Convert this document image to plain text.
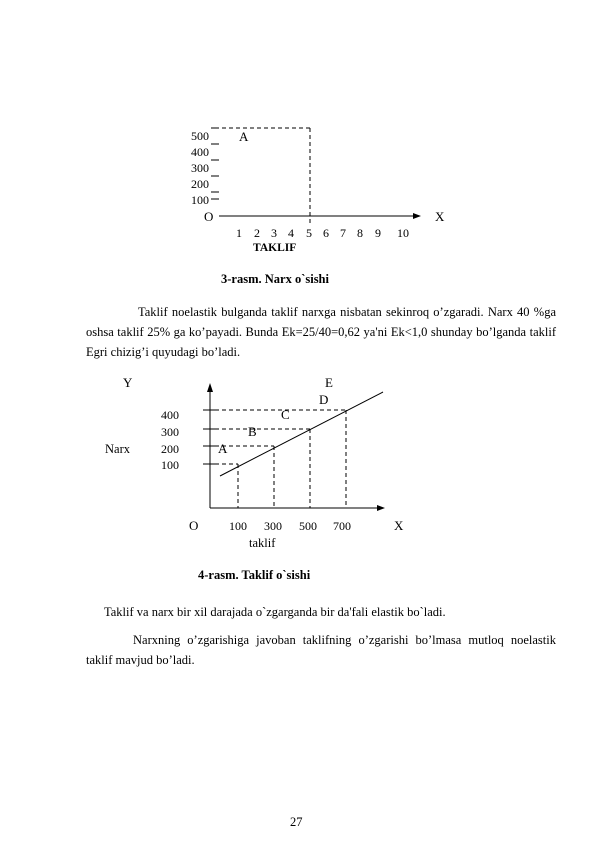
500
400
300
200
100
A
O	X
1 2 3 4 5 6 7 8 9 10
TAKLIF
3-rasm. Narx o`sishi
Taklif noelastik bulganda taklif narxga nisbatan sekinroq o’zgaradi. Narx 40 %ga oshsa taklif 25% ga ko’payadi. Bunda Ek=25/40=0,62 ya'ni Ek<1,0 shunday bo’lganda taklif Egri chizig’i quyudagi bo’ladi.
Y
400
300
200
100
Narx	A
B
C
D
E
O	100 300 500 700	X
taklif
4-rasm. Taklif o`sishi
Taklif va narx bir xil darajada o`zgarganda bir da'fali elastik bo`ladi.
Narxning o’zgarishiga javoban taklifning o’zgarishi bo’lmasa mutloq noelastik taklif mavjud bo’ladi.
27
